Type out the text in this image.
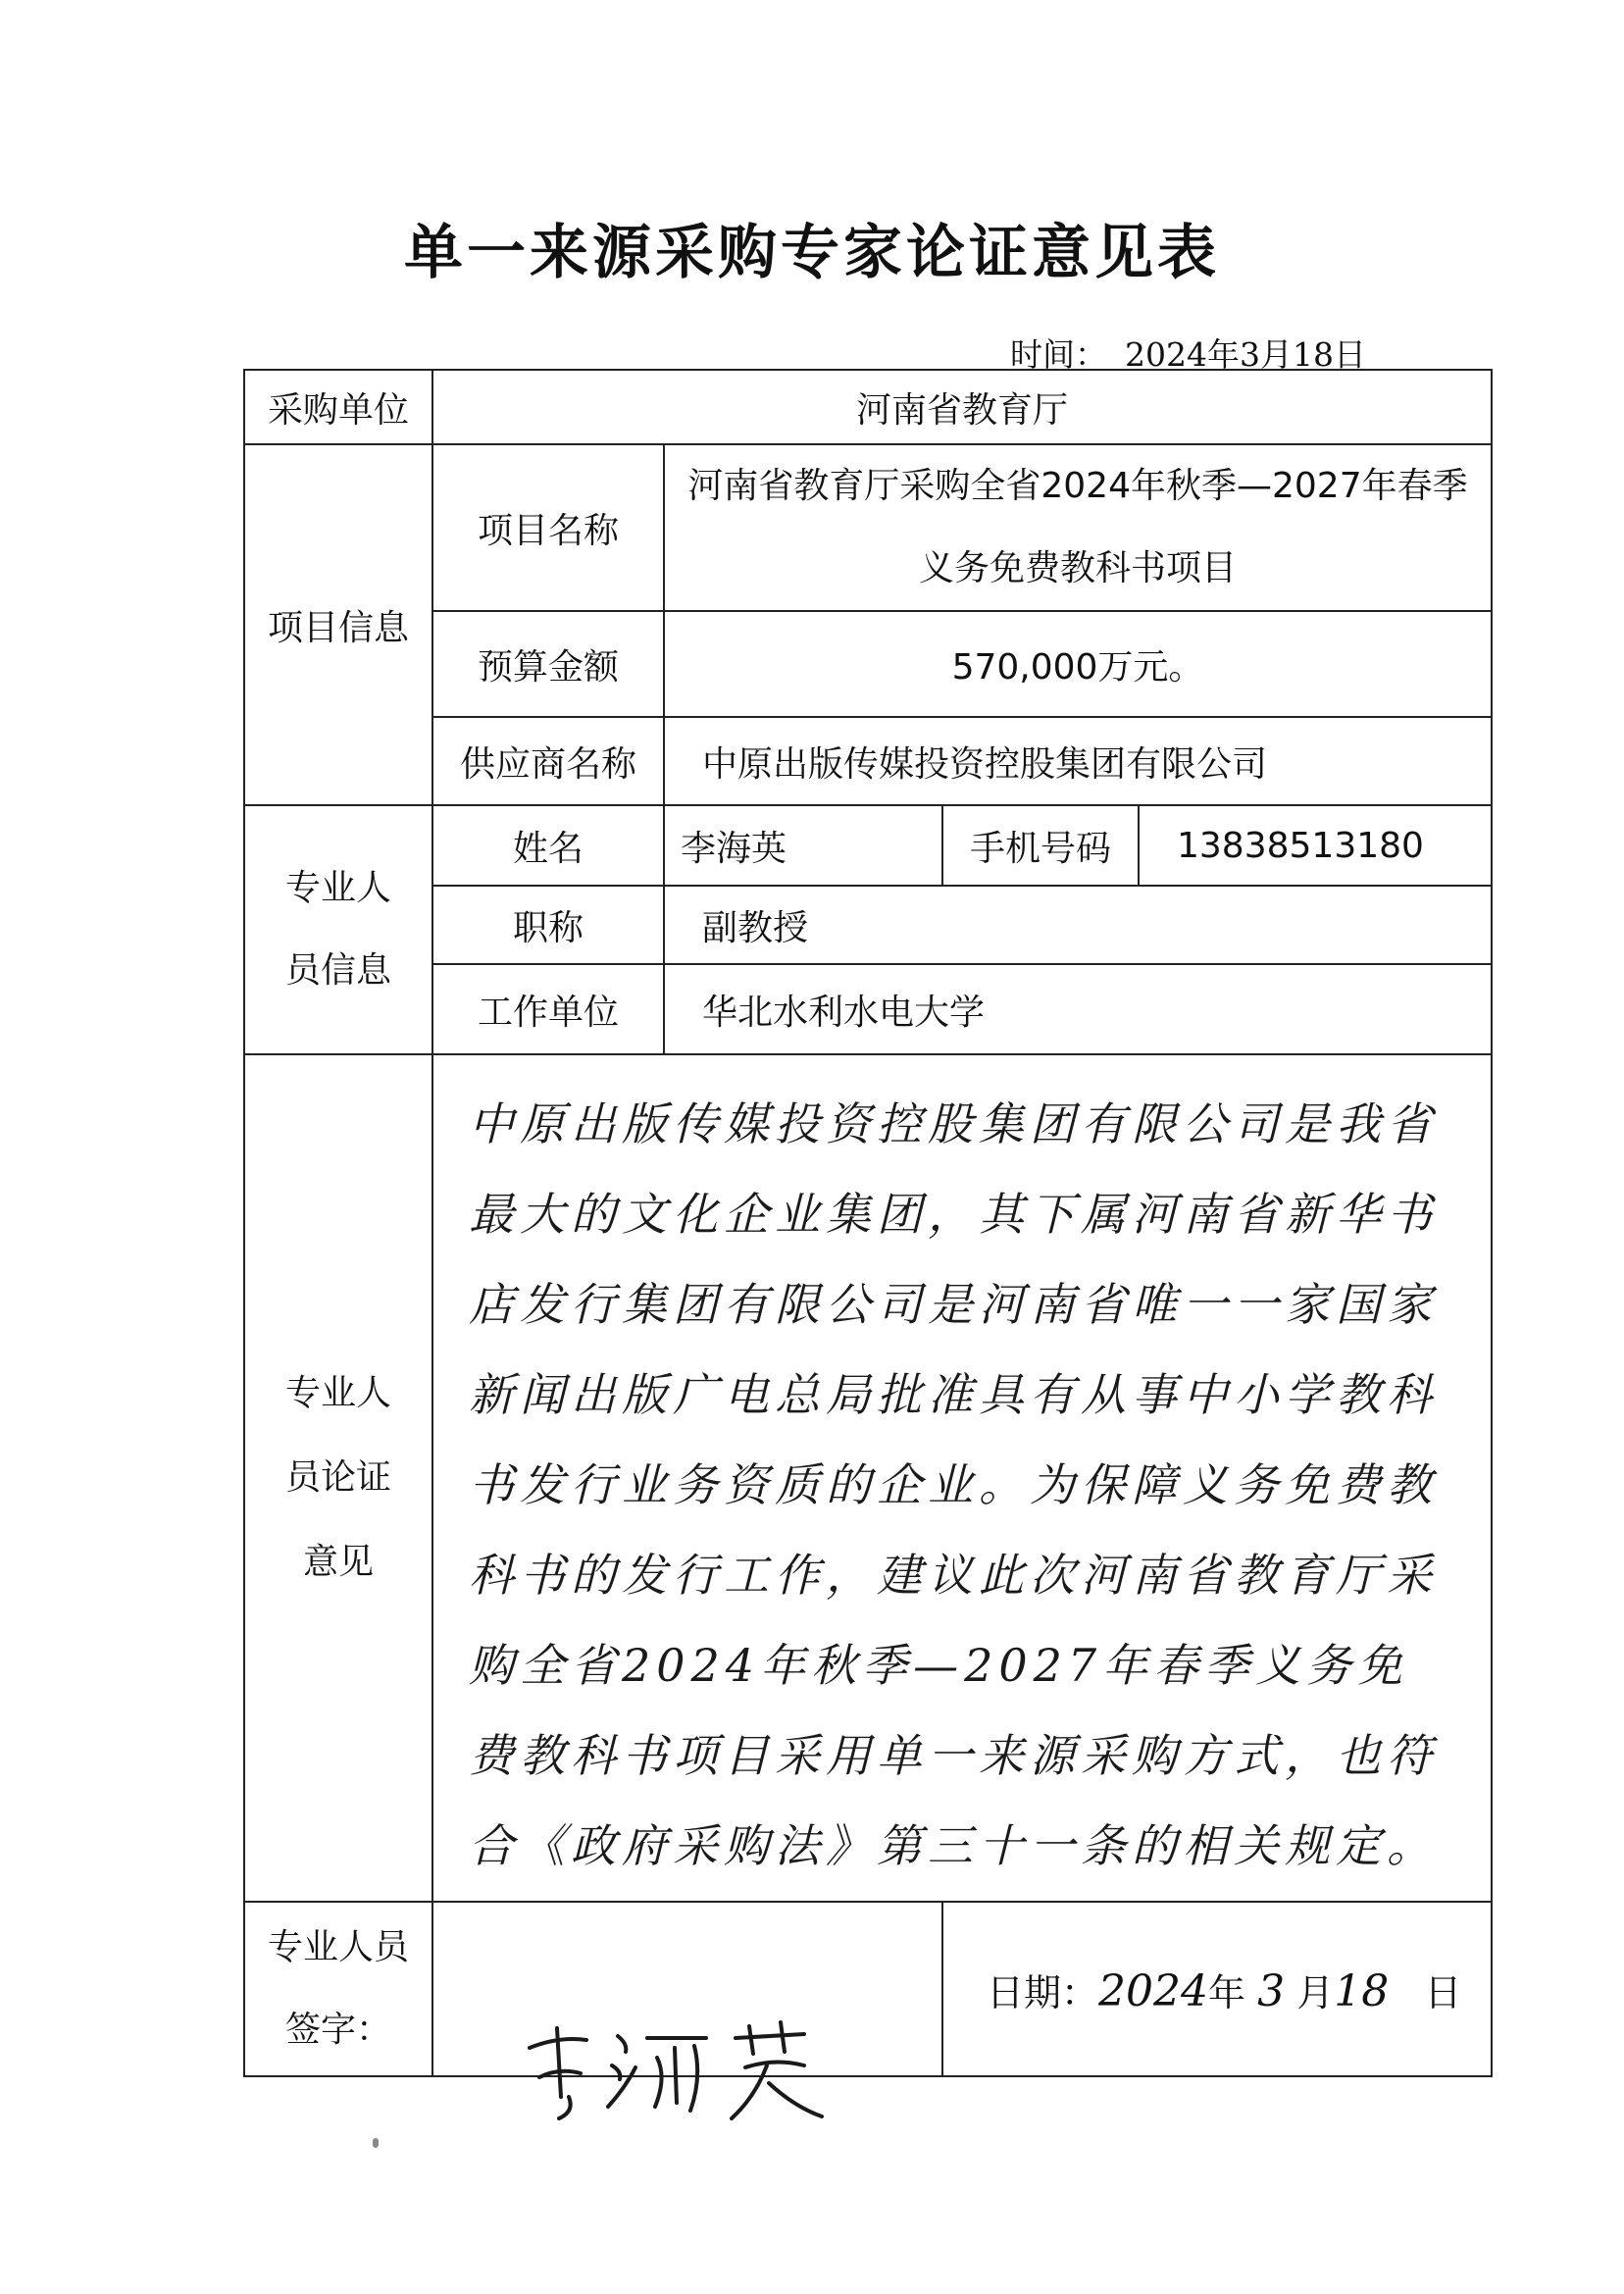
单一来源采购专家论证意见表
时间： 2024年3月18日
采购单位	河南省教育厅			
项目信息	项目名称	河南省教育厅采购全省2024年秋季—2027年春季义务免费教科书项目		
	预算金额	570,000万元。		
	供应商名称	中原出版传媒投资控股集团有限公司		
专业人员信息	姓名	李海英	手机号码	13838513180
	职称	副教授		
	工作单位	华北水利水电大学		
专业人员论证意见	中原出版传媒投资控股集团有限公司是我省最大的文化企业集团，其下属河南省新华书店发行集团有限公司是河南省唯一一家国家新闻出版广电总局批准具有从事中小学教科书发行业务资质的企业。为保障义务免费教科书的发行工作，建议此次河南省教育厅采购全省2024年秋季—2027年春季义务免费教科书项目采用单一来源采购方式，也符合《政府采购法》第三十一条的相关规定。			
专业人员签字：			日期：2024年 3 月18 日	
